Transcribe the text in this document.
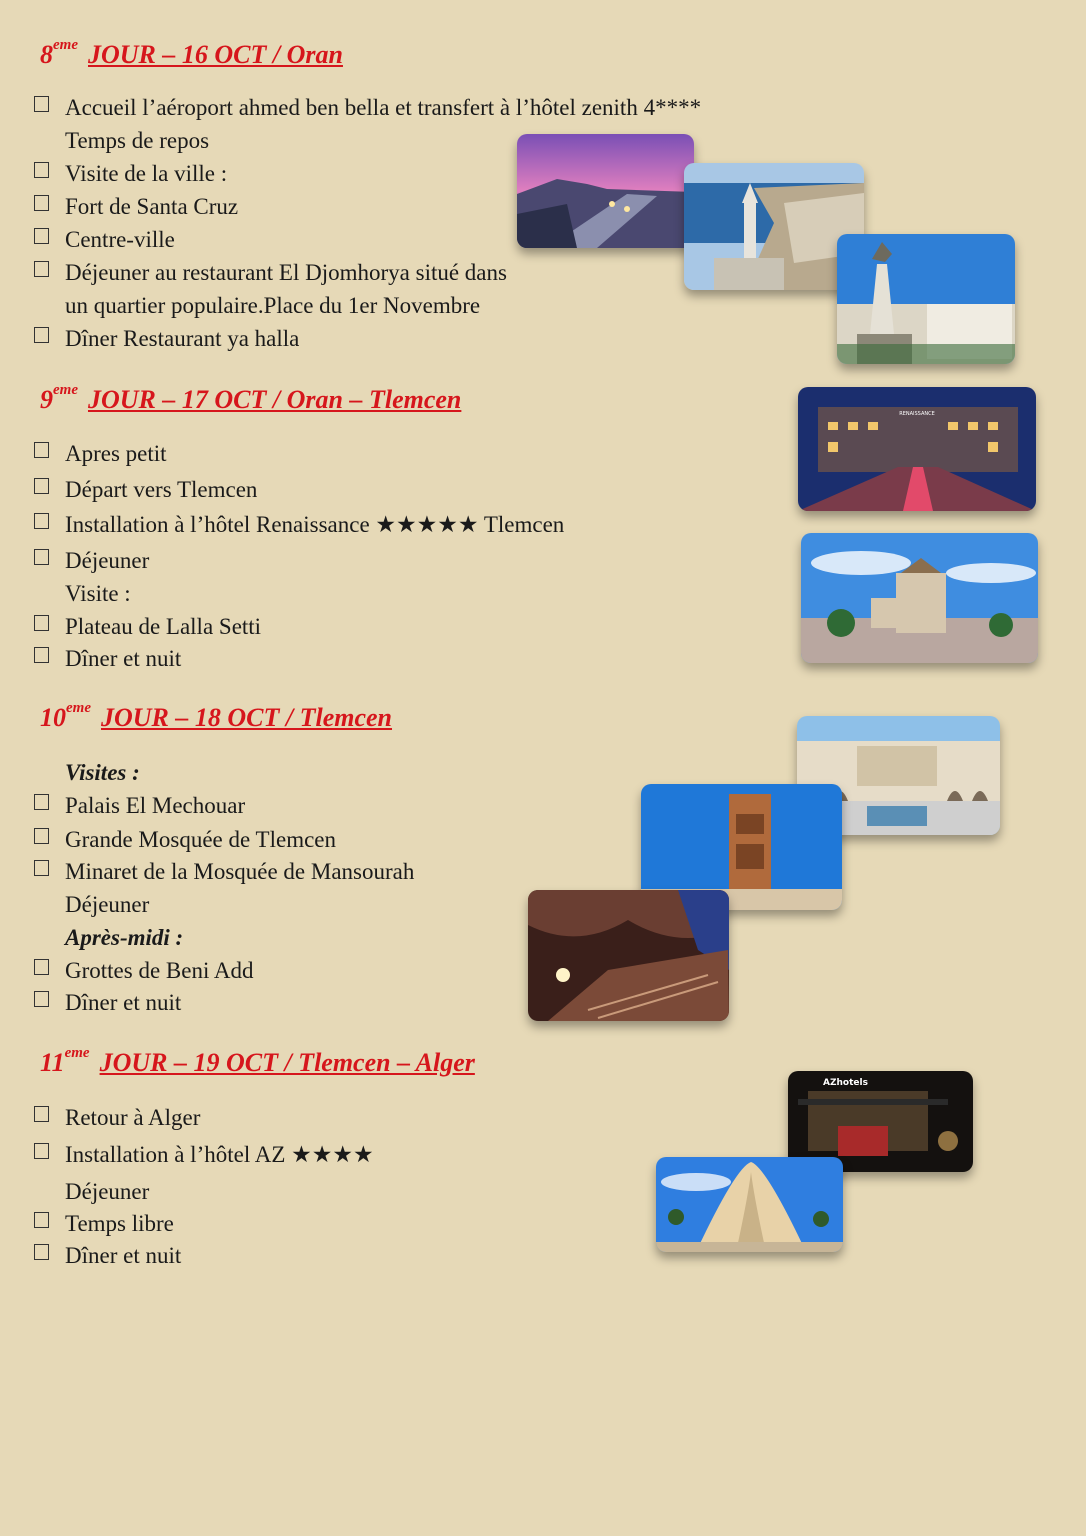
8eme JOUR – 16 OCT / Oran
Accueil l’aéroport ahmed ben bella et transfert à l’hôtel zenith 4****
Temps de repos
Visite de la ville :
Fort de Santa Cruz
Centre-ville
Déjeuner au restaurant El Djomhorya situé dans
un quartier populaire.Place du 1er Novembre
Dîner Restaurant ya halla
9eme JOUR – 17 OCT / Oran – Tlemcen
Apres petit
Départ vers Tlemcen
Installation à l’hôtel Renaissance ★★★★★ Tlemcen
Déjeuner
Visite :
Plateau de Lalla Setti
Dîner et nuit
10eme JOUR – 18 OCT / Tlemcen
Visites :
Palais El Mechouar
Grande Mosquée de Tlemcen
Minaret de la Mosquée de Mansourah
Déjeuner
Après-midi :
Grottes de Beni Add
Dîner et nuit
11eme JOUR – 19 OCT / Tlemcen – Alger
Retour à Alger
Installation à l’hôtel AZ ★★★★
Déjeuner
Temps libre
Dîner et nuit
RENAISSANCE
AZhotels
